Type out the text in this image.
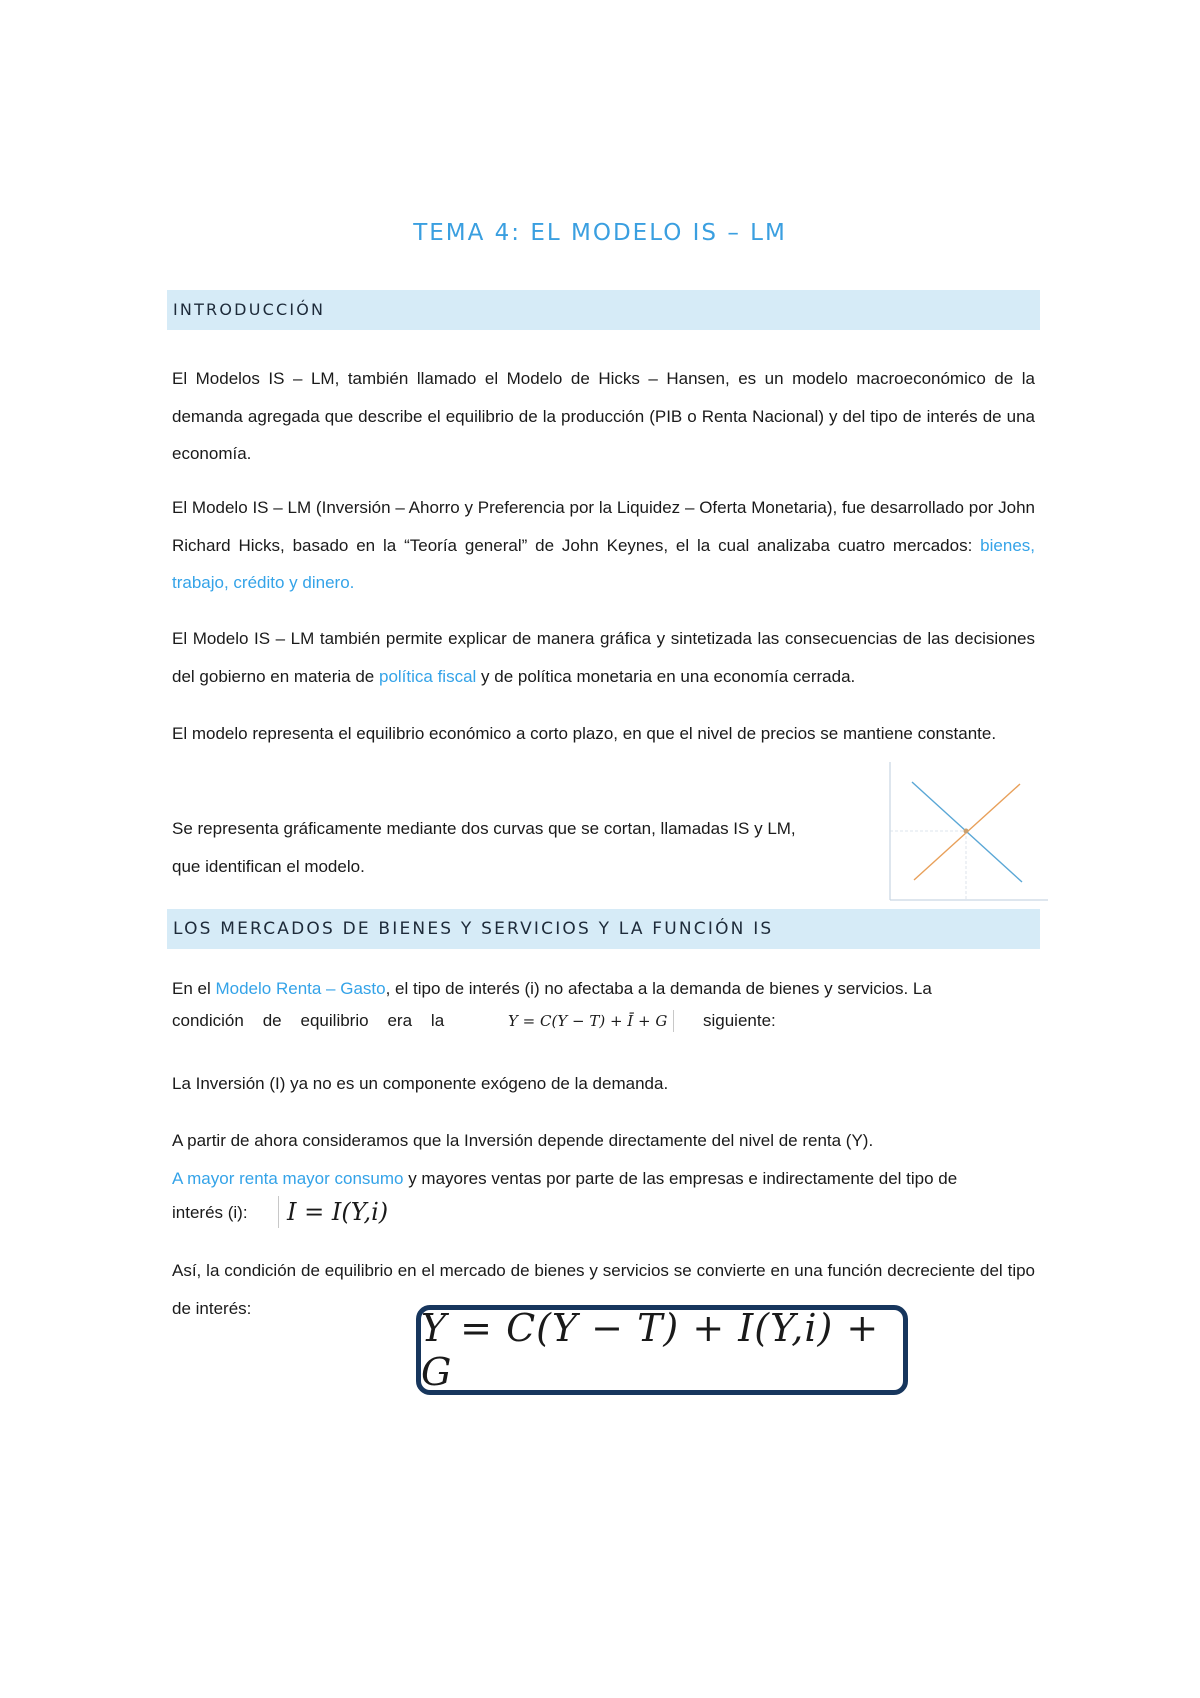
TEMA 4: EL MODELO IS – LM
INTRODUCCIÓN

El Modelos IS – LM, también llamado el Modelo de Hicks – Hansen, es un modelo macroeconómico de la demanda agregada que describe el equilibrio de la producción (PIB o Renta Nacional) y del tipo de interés de una economía.

El Modelo IS – LM (Inversión – Ahorro y Preferencia por la Liquidez – Oferta Monetaria), fue desarrollado por John Richard Hicks, basado en la “Teoría general” de John Keynes, el la cual analizaba cuatro mercados: bienes, trabajo, crédito y dinero.

El Modelo IS – LM también permite explicar de manera gráfica y sintetizada las consecuencias de las decisiones del gobierno en materia de política fiscal y de política monetaria en una economía cerrada.

El modelo representa el equilibrio económico a corto plazo, en que el nivel de precios se mantiene constante.

Se representa gráficamente mediante dos curvas que se cortan, llamadas IS y LM,
que identifican el modelo.

LOS MERCADOS DE BIENES Y SERVICIOS Y LA FUNCIÓN IS

En el Modelo Renta – Gasto, el tipo de interés (i) no afectaba a la demanda de bienes y servicios. La

condición    de    equilibrio    era    la	Y = C(Y − T) + Ī + G	siguiente:

La Inversión (I) ya no es un componente exógeno de la demanda.

A partir de ahora consideramos que la Inversión depende directamente del nivel de renta (Y).
A mayor renta mayor consumo y mayores ventas por parte de las empresas e indirectamente del tipo de

interés (i):	I = I(Y,i)

Así, la condición de equilibrio en el mercado de bienes y servicios se convierte en una función decreciente del tipo de interés:	Y = C(Y − T) + I(Y,i) + G
